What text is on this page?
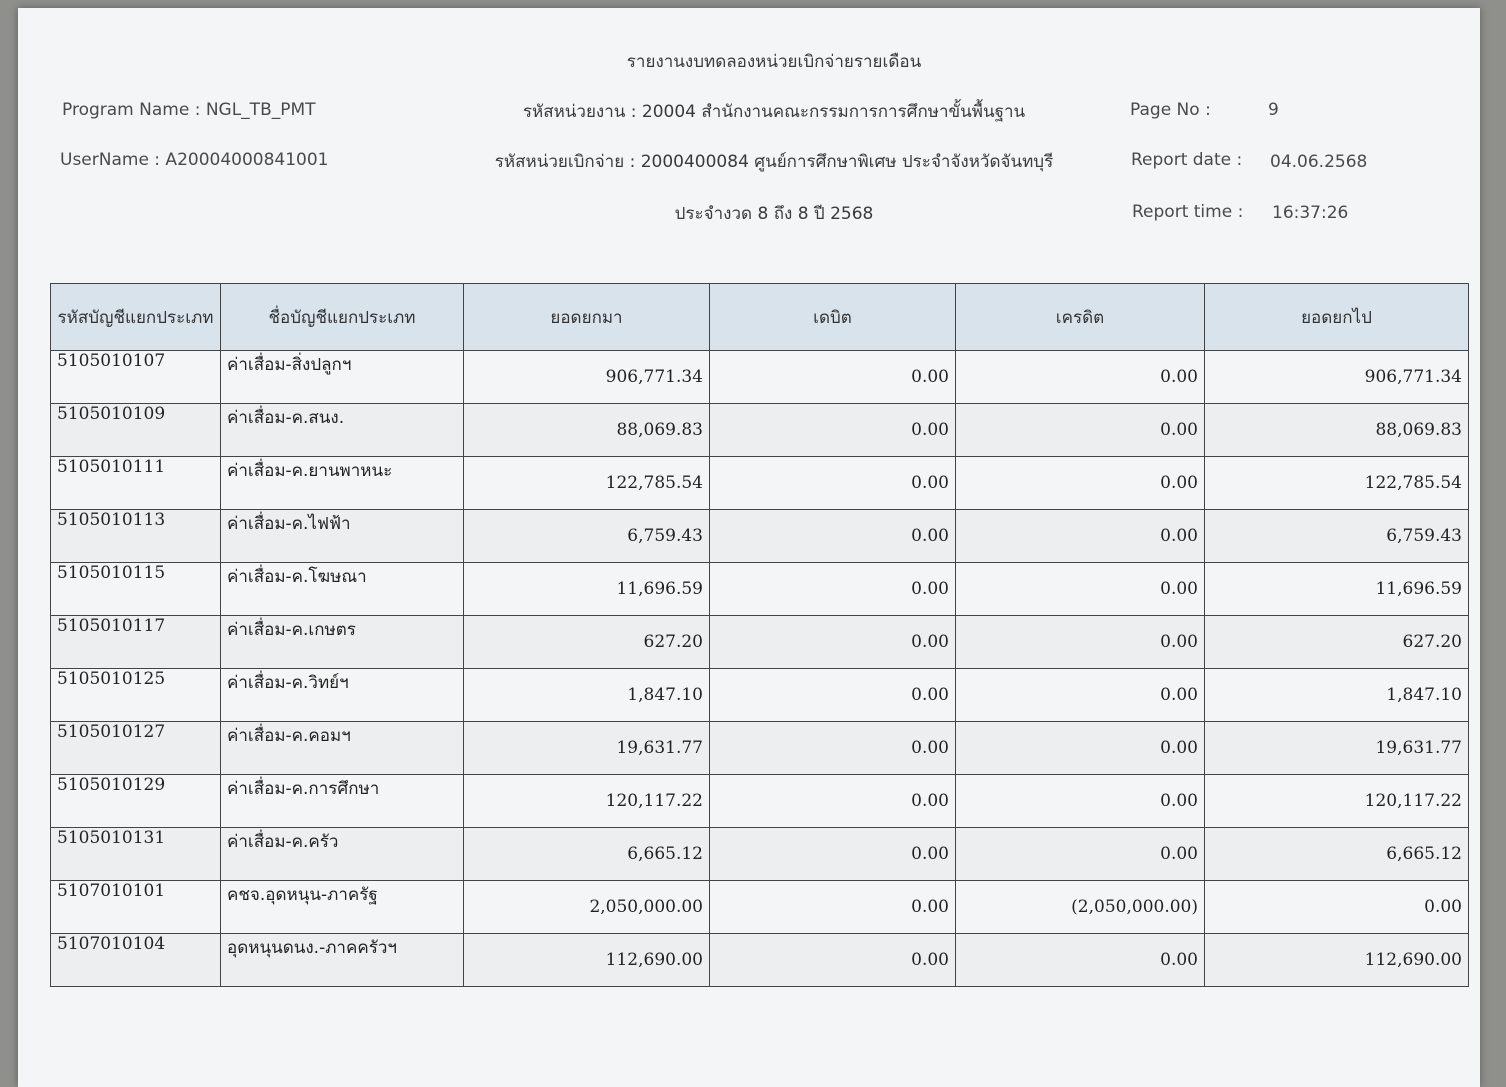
รายงานงบทดลองหน่วยเบิกจ่ายรายเดือน
Program Name : NGL_TB_PMT	รหัสหน่วยงาน : 20004 สำนักงานคณะกรรมการการศึกษาขั้นพื้นฐาน	Page No :	9
UserName : A20004000841001	รหัสหน่วยเบิกจ่าย : 2000400084 ศูนย์การศึกษาพิเศษ ประจำจังหวัดจันทบุรี	Report date : 04.06.2568
ประจำงวด 8 ถึง 8 ปี 2568	Report time : 16:37:26
รหัสบัญชีแยกประเภท	ชื่อบัญชีแยกประเภท	ยอดยกมา	เดบิต	เครดิต	ยอดยกไป
5105010107	ค่าเสื่อม-สิ่งปลูกฯ	906,771.34	0.00	0.00	906,771.34
5105010109	ค่าเสื่อม-ค.สนง.	88,069.83	0.00	0.00	88,069.83
5105010111	ค่าเสื่อม-ค.ยานพาหนะ	122,785.54	0.00	0.00	122,785.54
5105010113	ค่าเสื่อม-ค.ไฟฟ้า	6,759.43	0.00	0.00	6,759.43
5105010115	ค่าเสื่อม-ค.โฆษณา	11,696.59	0.00	0.00	11,696.59
5105010117	ค่าเสื่อม-ค.เกษตร	627.20	0.00	0.00	627.20
5105010125	ค่าเสื่อม-ค.วิทย์ฯ	1,847.10	0.00	0.00	1,847.10
5105010127	ค่าเสื่อม-ค.คอมฯ	19,631.77	0.00	0.00	19,631.77
5105010129	ค่าเสื่อม-ค.การศึกษา	120,117.22	0.00	0.00	120,117.22
5105010131	ค่าเสื่อม-ค.ครัว	6,665.12	0.00	0.00	6,665.12
5107010101	คชจ.อุดหนุน-ภาครัฐ	2,050,000.00	0.00	(2,050,000.00)	0.00
5107010104	อุดหนุนดนง.-ภาคครัวฯ	112,690.00	0.00	0.00	112,690.00
